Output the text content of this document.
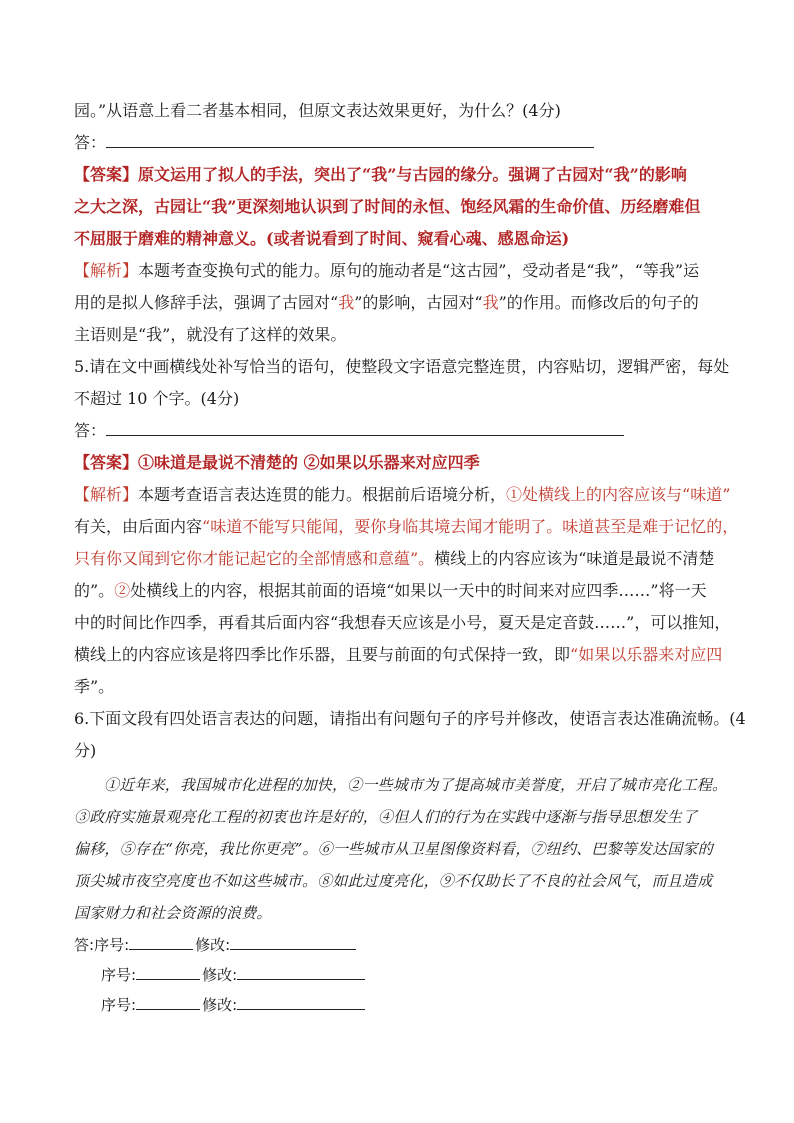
园。”从语意上看二者基本相同，但原文表达效果更好，为什么？(4分)
答：
【答案】原文运用了拟人的手法，突出了“我”与古园的缘分。强调了古园对“我”的影响
之大之深，古园让“我”更深刻地认识到了时间的永恒、饱经风霜的生命价值、历经磨难但
不屈服于磨难的精神意义。(或者说看到了时间、窥看心魂、感恩命运)
【解析】本题考查变换句式的能力。原句的施动者是“这古园”，受动者是“我”，“等我”运
用的是拟人修辞手法，强调了古园对“我”的影响，古园对“我”的作用。而修改后的句子的
主语则是“我”，就没有了这样的效果。
5.请在文中画横线处补写恰当的语句，使整段文字语意完整连贯，内容贴切，逻辑严密，每处
不超过 10 个字。(4分)
答：
【答案】①味道是最说不清楚的 ②如果以乐器来对应四季
【解析】本题考查语言表达连贯的能力。根据前后语境分析，①处横线上的内容应该与“味道”
有关，由后面内容“味道不能写只能闻，要你身临其境去闻才能明了。味道甚至是难于记忆的，
只有你又闻到它你才能记起它的全部情感和意蕴”。横线上的内容应该为“味道是最说不清楚
的”。②处横线上的内容，根据其前面的语境“如果以一天中的时间来对应四季……”将一天
中的时间比作四季，再看其后面内容“我想春天应该是小号，夏天是定音鼓……”，可以推知，
横线上的内容应该是将四季比作乐器，且要与前面的句式保持一致，即“如果以乐器来对应四
季”。
6.下面文段有四处语言表达的问题，请指出有问题句子的序号并修改，使语言表达准确流畅。(4
分)
①近年来，我国城市化进程的加快，②一些城市为了提高城市美誉度，开启了城市亮化工程。
③政府实施景观亮化工程的初衷也许是好的，④但人们的行为在实践中逐渐与指导思想发生了
偏移，⑤存在“你亮，我比你更亮”。⑥一些城市从卫星图像资料看，⑦纽约、巴黎等发达国家的
顶尖城市夜空亮度也不如这些城市。⑧如此过度亮化，⑨不仅助长了不良的社会风气，而且造成
国家财力和社会资源的浪费。
答:序号:	修改:
序号:	修改:
序号:	修改:
